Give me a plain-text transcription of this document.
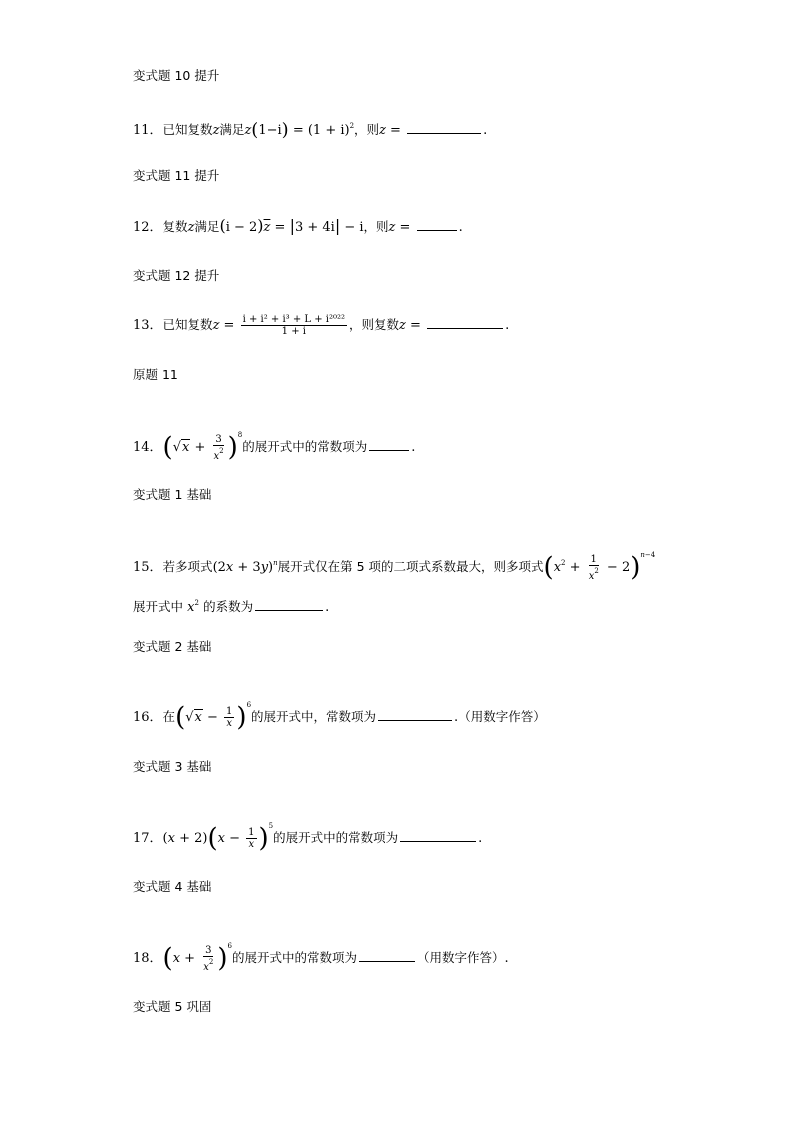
变式题 10 提升
变式题 11 提升
变式题 12 提升
原题 11
变式题 1 基础
变式题 2 基础
变式题 3 基础
变式题 4 基础
变式题 5 巩固
11．已知复数z满足$z(1-i) = (1 + i)^2$，则z =	.
12．复数z满足$(i - 2)\overline{z} = |3 + 4i| - i$，则z =	.
13．已知复数$z = \frac{\text{i + i² + i³ + L + i²⁰²²}}{1 + i}$ ，则复数z =	.
14．$(√x + \frac{3}{x^2} )^8$的展开式中的常数项为	.
15．若多项式$(2x + 3y)^n$展开式仅在第 5 项的二项式系数最大，则多项式$(x^2 + \frac{1}{x^2} - 2)^{n-4}$
展开式中 $x^2$ 的系数为	.
16．在$(√x - \frac{1}{x} )^6$的展开式中，常数项为	.（用数字作答）
17．$(x + 2)(x - \frac{1}{x} )^5$的展开式中的常数项为	.
18．$(x + \frac{3}{x^2} )^6$的展开式中的常数项为	（用数字作答）.
